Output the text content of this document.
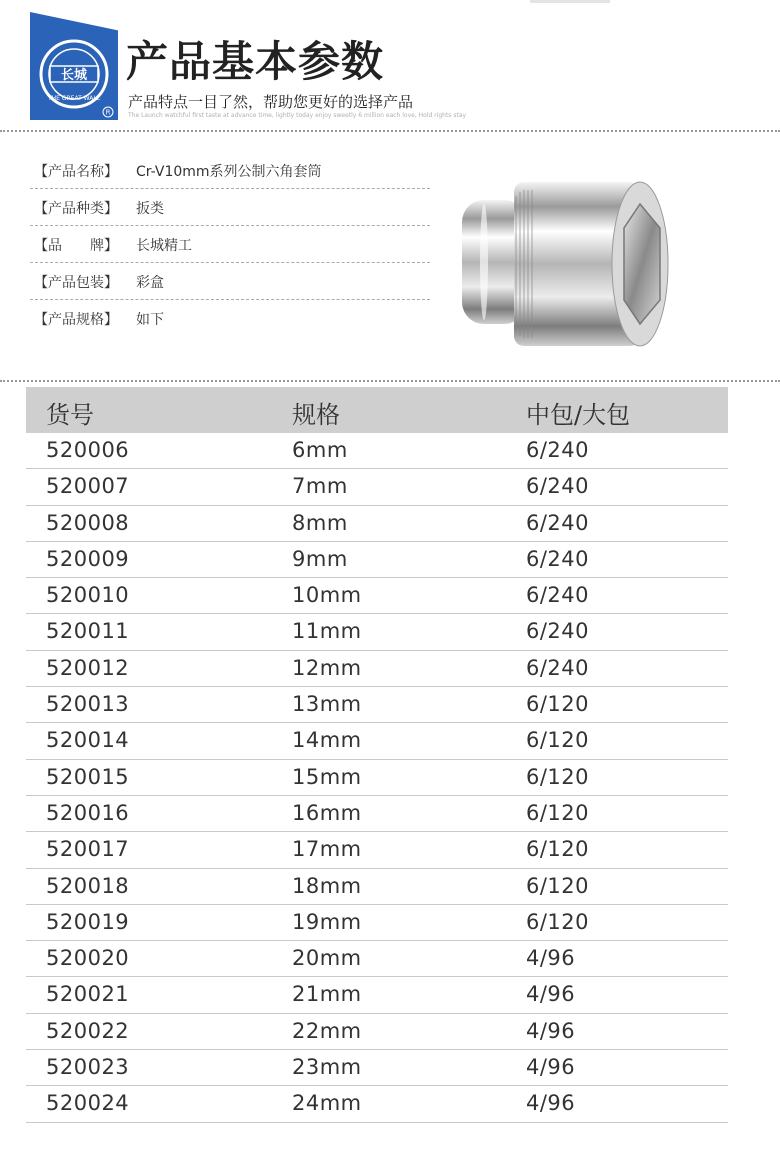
长城
THE GREAT WALL
R
产品基本参数
产品特点一目了然，帮助您更好的选择产品
The Launch watchful first taste at advance time, lightly today enjoy sweetly 6 million each love, Hold rights stay
【产品名称】	Cr-V10mm系列公制六角套筒
【产品种类】	扳类
【品　　牌】	长城精工
【产品包装】	彩盒
【产品规格】	如下
货号	规格	中包/大包
520006	6mm	6/240
520007	7mm	6/240
520008	8mm	6/240
520009	9mm	6/240
520010	10mm	6/240
520011	11mm	6/240
520012	12mm	6/240
520013	13mm	6/120
520014	14mm	6/120
520015	15mm	6/120
520016	16mm	6/120
520017	17mm	6/120
520018	18mm	6/120
520019	19mm	6/120
520020	20mm	4/96
520021	21mm	4/96
520022	22mm	4/96
520023	23mm	4/96
520024	24mm	4/96
